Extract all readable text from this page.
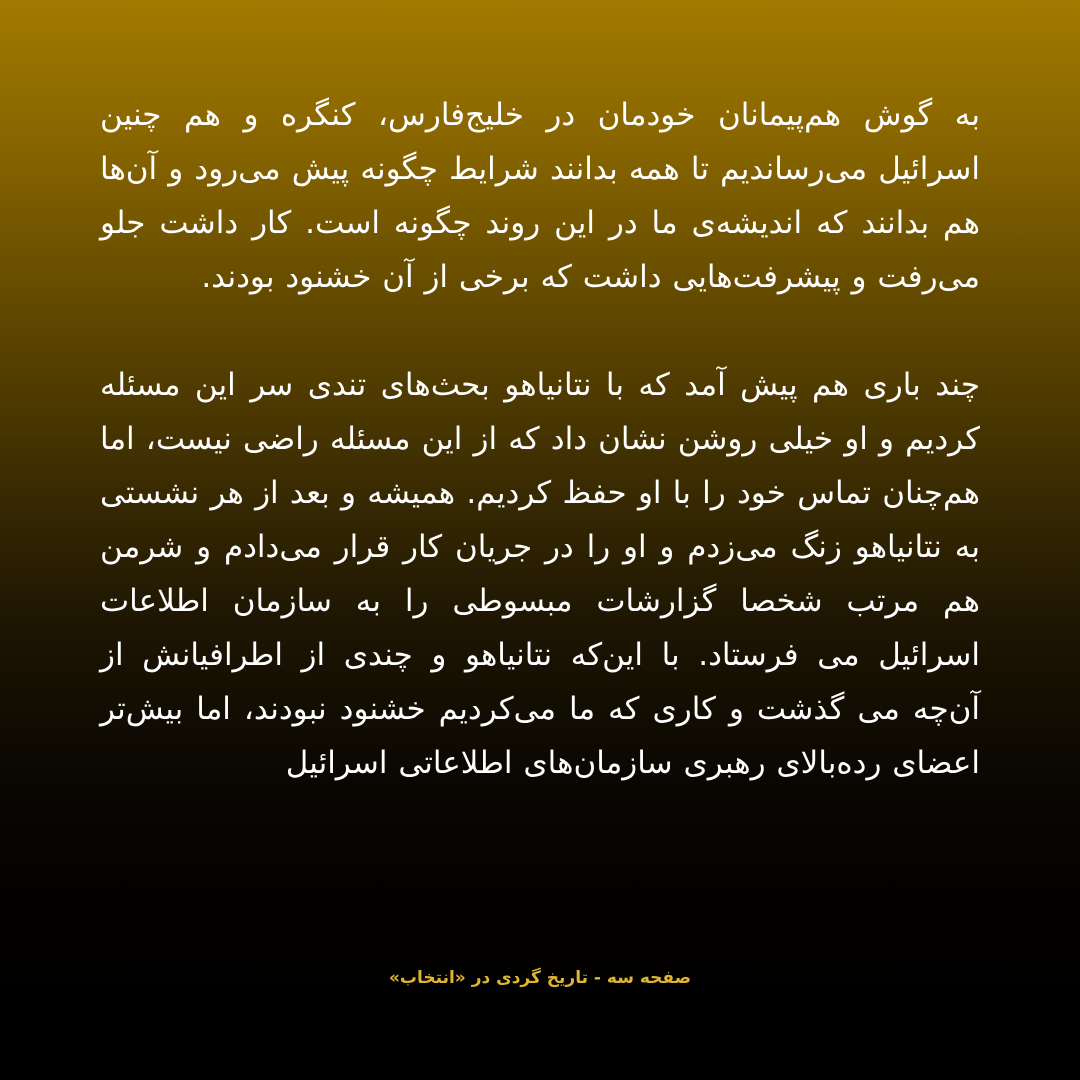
به گوش هم‌پیمانان خودمان در خلیج‌فارس، کنگره و هم چنین اسرائیل می‌رساندیم تا همه بدانند شرایط چگونه پیش می‌رود و آن‌ها هم بدانند که اندیشه‌ی ما در این روند چگونه است. کار داشت جلو می‌رفت و پیشرفت‌هایی داشت که برخی از آن خشنود بودند.

چند باری هم پیش آمد که با نتانیاهو بحث‌های تندی سر این مسئله کردیم و او خیلی روشن نشان داد که از این مسئله راضی نیست، اما هم‌چنان تماس خود را با او حفظ کردیم. همیشه و بعد از هر نشستی به نتانیاهو زنگ می‌زدم و او را در جریان کار قرار می‌دادم و شرمن هم مرتب شخصا گزارشات مبسوطی را به سازمان اطلاعات اسرائیل می فرستاد. با این‌که نتانیاهو و چندی از اطرافیانش از آن‌چه می گذشت و کاری که ما می‌کردیم خشنود نبودند، اما بیش‌تر اعضای رده‌بالای رهبری سازمان‌های اطلاعاتی اسرائیل

صفحه سه - تاریخ گردی در «انتخاب»
